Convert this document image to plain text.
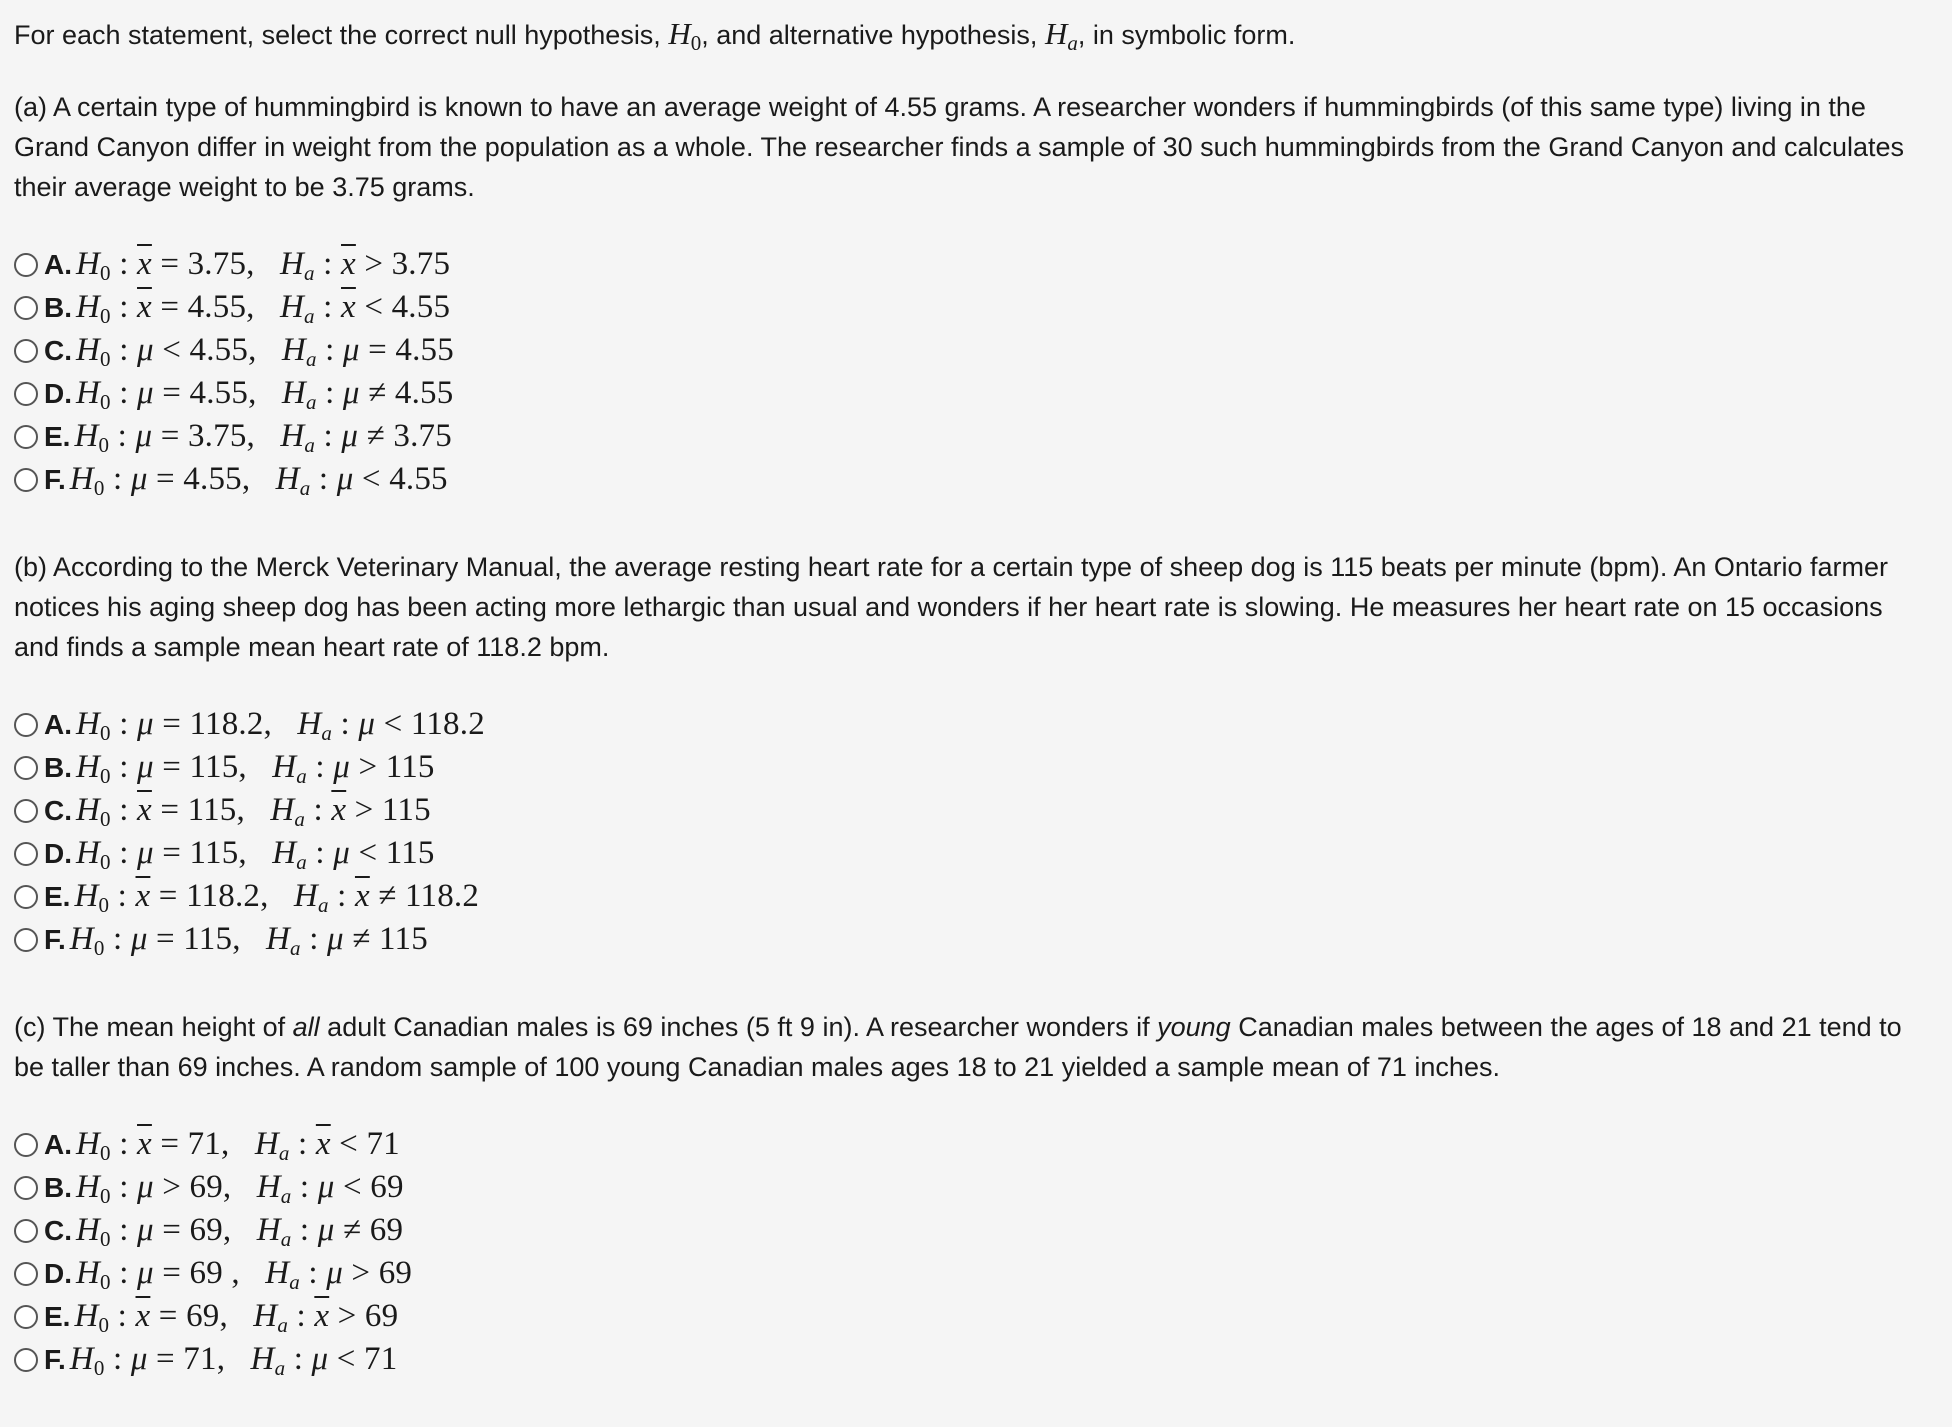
For each statement, select the correct null hypothesis, H0, and alternative hypothesis, Ha, in symbolic form.

(a) A certain type of hummingbird is known to have an average weight of 4.55 grams. A researcher wonders if hummingbirds (of this same type) living in the Grand Canyon differ in weight from the population as a whole. The researcher finds a sample of 30 such hummingbirds from the Grand Canyon and calculates their average weight to be 3.75 grams.

A. H0 : $\overline{x} = 3.75$,   Ha : $\overline{x} > 3.75$
B. H0 : $\overline{x} = 4.55$,   Ha : $\overline{x} < 4.55$
C. H0 : μ < 4.55,   Ha : μ = 4.55
D. H0 : μ = 4.55,   Ha : μ ≠ 4.55
E. H0 : μ = 3.75,   Ha : μ ≠ 3.75
F. H0 : μ = 4.55,   Ha : μ < 4.55

(b) According to the Merck Veterinary Manual, the average resting heart rate for a certain type of sheep dog is 115 beats per minute (bpm). An Ontario farmer notices his aging sheep dog has been acting more lethargic than usual and wonders if her heart rate is slowing. He measures her heart rate on 15 occasions and finds a sample mean heart rate of 118.2 bpm.

A. H0 : μ = 118.2,   Ha : μ < 118.2
B. H0 : μ = 115,   Ha : μ > 115
C. H0 : $\overline{x} = 115$,   Ha : $\overline{x} > 115$
D. H0 : μ = 115,   Ha : μ < 115
E. H0 : $\overline{x} = 118.2$,   Ha : $\overline{x} \ne 118.2$
F. H0 : μ = 115,   Ha : μ ≠ 115

(c) The mean height of all adult Canadian males is 69 inches (5 ft 9 in). A researcher wonders if young Canadian males between the ages of 18 and 21 tend to be taller than 69 inches. A random sample of 100 young Canadian males ages 18 to 21 yielded a sample mean of 71 inches.

A. H0 : $\overline{x} = 71$,   Ha : $\overline{x} < 71$
B. H0 : μ > 69,   Ha : μ < 69
C. H0 : μ = 69,   Ha : μ ≠ 69
D. H0 : μ = 69 ,   Ha : μ > 69
E. H0 : $\overline{x} = 69$,   Ha : $\overline{x} > 69$
F. H0 : μ = 71,   Ha : μ < 71
